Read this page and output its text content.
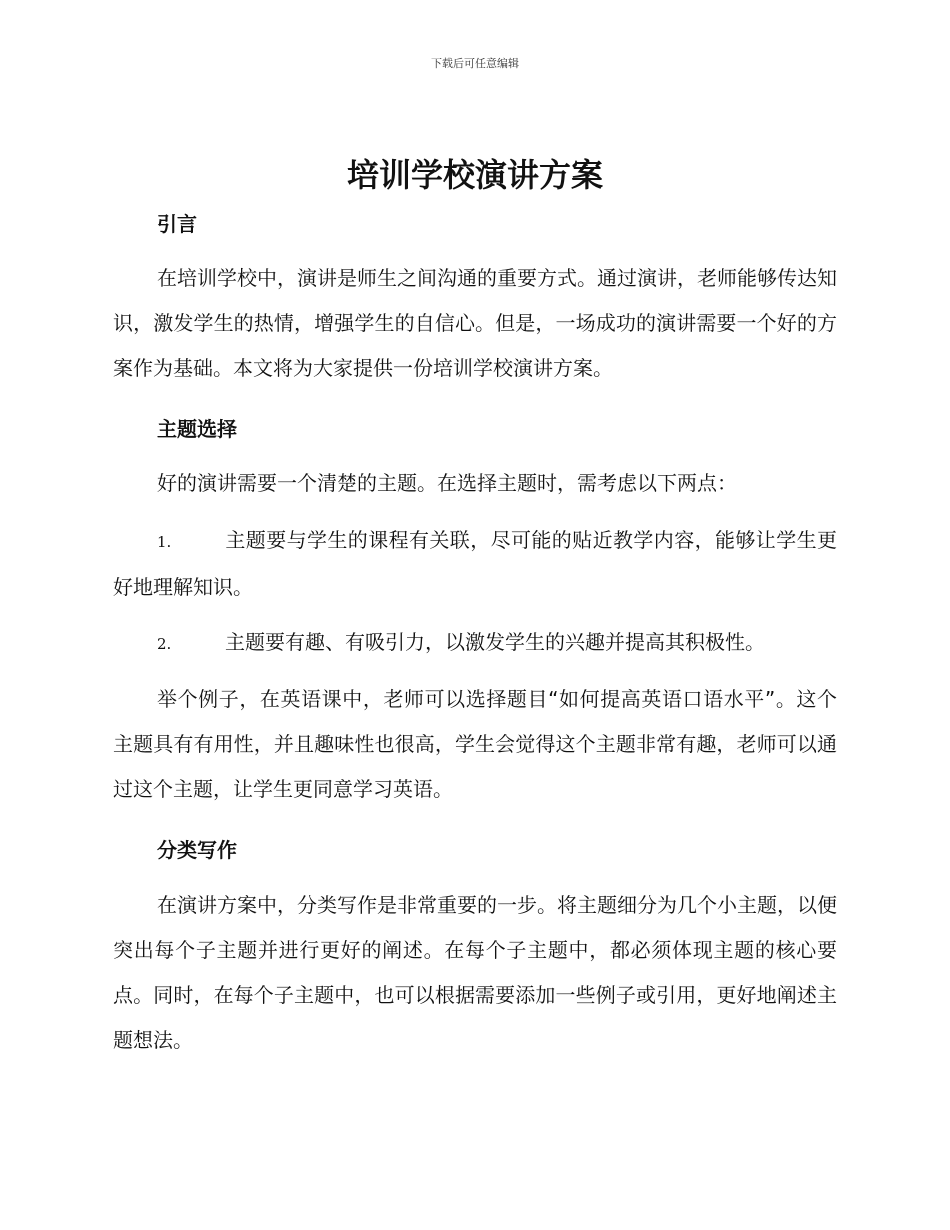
下载后可任意编辑
培训学校演讲方案
引言

在培训学校中，演讲是师生之间沟通的重要方式。通过演讲，老师能够传达知识，激发学生的热情，增强学生的自信心。但是，一场成功的演讲需要一个好的方案作为基础。本文将为大家提供一份培训学校演讲方案。

主题选择

好的演讲需要一个清楚的主题。在选择主题时，需考虑以下两点：

1.	主题要与学生的课程有关联，尽可能的贴近教学内容，能够让学生更好地理解知识。

2.	主题要有趣、有吸引力，以激发学生的兴趣并提高其积极性。

举个例子，在英语课中，老师可以选择题目“如何提高英语口语水平”。这个主题具有有用性，并且趣味性也很高，学生会觉得这个主题非常有趣，老师可以通过这个主题，让学生更同意学习英语。

分类写作

在演讲方案中，分类写作是非常重要的一步。将主题细分为几个小主题，以便突出每个子主题并进行更好的阐述。在每个子主题中，都必须体现主题的核心要点。同时，在每个子主题中，也可以根据需要添加一些例子或引用，更好地阐述主题想法。
